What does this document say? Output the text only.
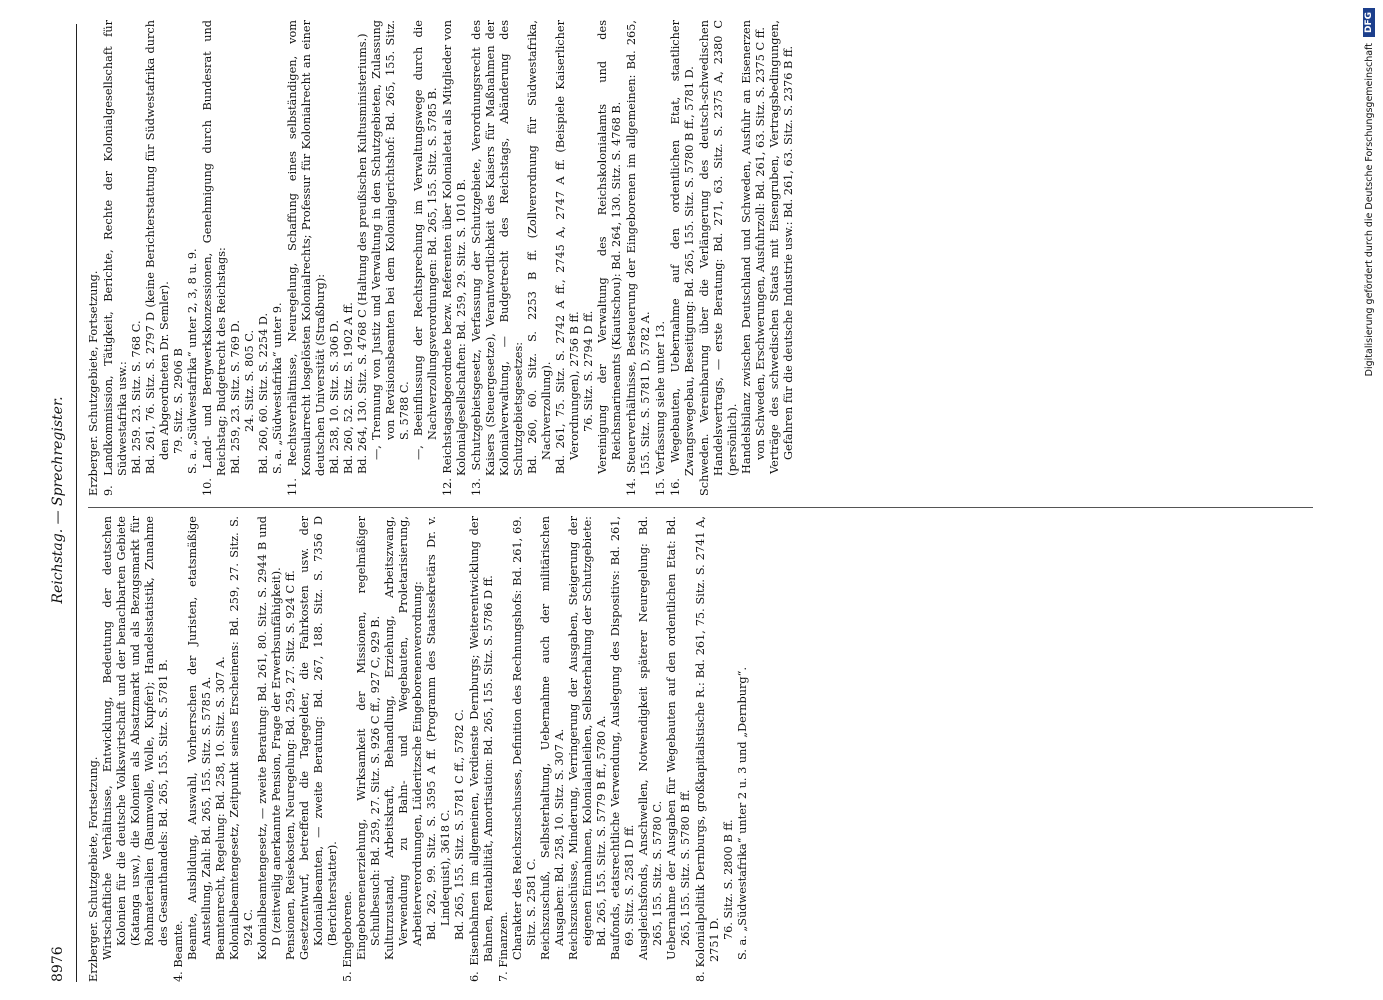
8976
Reichstag. — Sprechregister.
Erzberger. Schutzgebiete, Fortsetzung. Wirtschaftliche Verhältnisse, Entwicklung, Bedeutung der deutschen Kolonien für die deutsche Volkswirtschaft und der benachbarten Gebiete (Katanga usw.), die Kolonien als Absatzmarkt und als Bezugsmarkt für Rohmaterialien (Baumwolle, Wolle, Kupfer); Handelsstatistik, Zunahme des Gesamthandels: Bd. 265, 155. Sitz. S. 5781 B.
4. Beamte. Beamte, Ausbildung, Auswahl, Vorherrschen der Juristen, etatsmäßige Anstellung, Zahl: Bd. 265, 155. Sitz. S. 5785 A. Beamtenrecht, Regelung: Bd. 258, 10. Sitz. S. 307 A. Kolonialbeamtengesetz, Zeitpunkt seines Erscheinens: Bd. 259, 27. Sitz. S. 924 C. Kolonialbeamtengesetz, — zweite Beratung: Bd. 261, 80. Sitz. S. 2944 B und D (zeitweilig anerkannte Pension, Frage der Erwerbsunfähigkeit). Pensionen, Reisekosten, Neuregelung: Bd. 259, 27. Sitz. S. 924 C ff. Gesetzentwurf, betreffend die Tagegelder, die Fahrkosten usw. der Kolonialbeamten, — zweite Beratung: Bd. 267, 188. Sitz. S. 7356 D (Berichterstatter). 5. Eingeborene. Eingeborenenerziehung, Wirksamkeit der Missionen, regelmäßiger Schulbesuch: Bd. 259, 27. Sitz. S. 926 C ff., 927 C, 929 B. Kulturzustand, Arbeitskraft, Behandlung, Erziehung, Arbeitszwang, Verwendung zu Bahn- und Wegebauten, Proletarisierung, Arbeiterverordnungen, Lüderitzsche Eingeborenenverordnung: Bd. 262, 99. Sitz. S. 3595 A ff. (Programm des Staatssekretärs Dr. v. Lindequist), 3618 C. Bd. 265, 155. Sitz. S. 5781 C ff., 5782 C. 6. Eisenbahnen im allgemeinen, Verdienste Dernburgs; Weiterentwicklung der Bahnen, Rentabilität, Amortisation: Bd. 265, 155. Sitz. S. 5786 D ff. 7. Finanzen. Charakter des Reichszuschusses, Definition des Rechnungshofs: Bd. 261, 69. Sitz. S. 2581 C. Reichszuschuß, Selbsterhaltung, Uebernahme auch der militärischen Ausgaben: Bd. 258, 10. Sitz. S. 307 A. Reichszuschüsse, Minderung, Verringerung der Ausgaben, Steigerung der eigenen Einnahmen, Kolonialanleihen, Selbsterhaltung der Schutzgebiete: Bd. 265, 155. Sitz. S. 5779 B ff., 5780 A. Baufonds, etatsrechtliche Verwendung, Auslegung des Dispositivs: Bd. 261, 69. Sitz. S. 2581 D ff. Ausgleichsfonds, Anschwellen, Notwendigkeit späterer Neuregelung: Bd. 265, 155. Sitz. S. 5780 C. Uebernahme der Ausgaben für Wegebauten auf den ordentlichen Etat: Bd. 265, 155. Sitz. S. 5780 B ff. 8. Kolonialpolitik Dernburgs, großkapitalistische R.: Bd. 261, 75. Sitz. S. 2741 A, 2751 D. 76. Sitz. S. 2800 B ff. S. a. „Südwestafrika“ unter 2 u. 3 und „Dernburg“.
Erzberger. Schutzgebiete, Fortsetzung. 9. Landkommission, Tätigkeit, Berichte, Rechte der Kolonialgesellschaft für Südwestafrika usw.: Bd. 259. 23. Sitz. S. 768 C. Bd. 261, 76. Sitz. S. 2797 D (keine Berichterstattung für Südwestafrika durch den Abgeordneten Dr. Semler). 79. Sitz. S. 2906 B S. a. „Südwestafrika“ unter 2, 3, 8 u. 9. 10. Land- und Bergwerkskonzessionen, Genehmigung durch Bundesrat und Reichstag; Budgetrecht des Reichstags: Bd. 259, 23. Sitz. S. 769 D. 24. Sitz. S. 805 C. Bd. 260, 60. Sitz. S. 2254 D. S. a. „Südwestafrika“ unter 9. 11. Rechtsverhältnisse, Neuregelung, Schaffung eines selbständigen, vom Konsularrecht losgelösten Kolonialrechts; Professur für Kolonialrecht an einer deutschen Universität (Straßburg): Bd. 258, 10. Sitz. S. 306 D. Bd. 260, 52. Sitz. S. 1902 A ff. Bd. 264, 130. Sitz. S. 4768 C (Haltung des preußischen Kultusministeriums.) —, Trennung von Justiz und Verwaltung in den Schutzgebieten, Zulassung von Revisionsbeamten bei dem Kolonialgerichtshof: Bd. 265, 155. Sitz. S. 5788 C. —, Beeinflussung der Rechtsprechung im Verwaltungswege durch die Nachverzollungsverordnungen: Bd. 265, 155. Sitz. S. 5785 B. 12. Reichstagsabgeordnete bezw. Referenten über Kolonialetat als Mitglieder von Kolonialgesellschaften: Bd. 259, 29. Sitz. S. 1010 B. 13. Schutzgebietsgesetz, Verfassung der Schutzgebiete, Verordnungsrecht des Kaisers (Steuergesetze), Verantwortlichkeit des Kaisers für Maßnahmen der Kolonialverwaltung, — Budgetrecht des Reichstags, Abänderung des Schutzgebietsgesetzes: Bd. 260, 60. Sitz. S. 2253 B ff. (Zollverordnung für Südwestafrika, Nachverzollung). Bd. 261, 75. Sitz. S. 2742 A ff., 2745 A, 2747 A ff. (Beispiele Kaiserlicher Verordnungen), 2756 B ff. 76. Sitz. S. 2794 D ff. Vereinigung der Verwaltung des Reichskolonialamts und des Reichsmarineamts (Kiautschou): Bd. 264, 130. Sitz. S. 4768 B. 14. Steuerverhältnisse, Besteuerung der Eingeborenen im allgemeinen: Bd. 265, 155. Sitz. S. 5781 D, 5782 A. 15. Verfassung siehe unter 13. 16. Wegebauten, Uebernahme auf den ordentlichen Etat, staatlicher Zwangswegebau, Beseitigung: Bd. 265, 155. Sitz. S. 5780 B ff., 5781 D. Schweden. Vereinbarung über die Verlängerung des deutsch-schwedischen Handelsvertrags, — erste Beratung: Bd. 271, 63. Sitz. S. 2375 A, 2380 C (persönlich). Handelsbilanz zwischen Deutschland und Schweden, Ausfuhr an Eisenerzen von Schweden, Erschwerungen, Ausfuhrzoll: Bd. 261, 63. Sitz. S. 2375 C ff. Verträge des schwedischen Staats mit Eisengruben, Vertragsbedingungen, Gefahren für die deutsche Industrie usw.: Bd. 261, 63. Sitz. S. 2376 B ff.	Digitalisierung gefördert durch die Deutsche Forschungsgemeinschaft
DFG
